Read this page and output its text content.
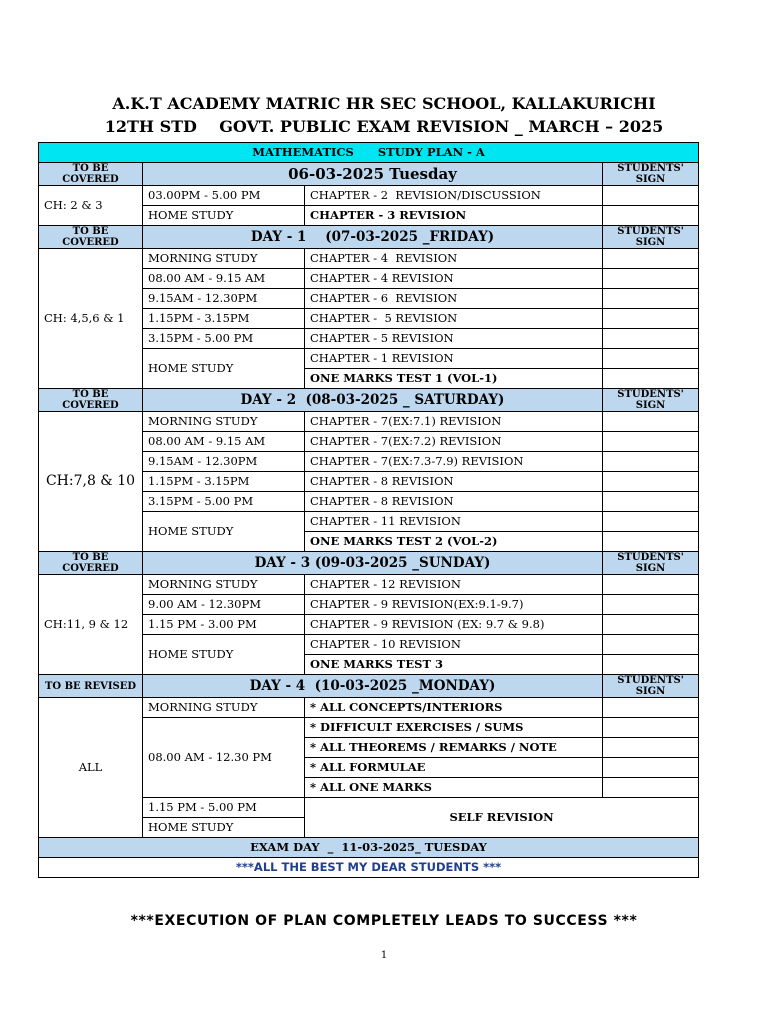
A.K.T ACADEMY MATRIC HR SEC SCHOOL, KALLAKURICHI
12TH STD    GOVT. PUBLIC EXAM REVISION _ MARCH – 2025
MATHEMATICS      STUDY PLAN - A			
TO BE COVERED	06-03-2025 Tuesday		STUDENTS' SIGN
CH: 2 & 3	03.00PM - 5.00 PM	CHAPTER - 2  REVISION/DISCUSSION	
	HOME STUDY	CHAPTER - 3 REVISION	
TO BE COVERED	DAY - 1    (07-03-2025 _FRIDAY)		STUDENTS' SIGN
CH: 4,5,6 & 1	MORNING STUDY	CHAPTER - 4  REVISION	
	08.00 AM - 9.15 AM	CHAPTER - 4 REVISION	
	9.15AM - 12.30PM	CHAPTER - 6  REVISION	
	1.15PM - 3.15PM	CHAPTER -  5 REVISION	
	3.15PM - 5.00 PM	CHAPTER - 5 REVISION	
	HOME STUDY	CHAPTER - 1 REVISION	
		ONE MARKS TEST 1 (VOL-1)	
TO BE COVERED	DAY - 2  (08-03-2025 _ SATURDAY)		STUDENTS' SIGN
CH:7,8 & 10	MORNING STUDY	CHAPTER - 7(EX:7.1) REVISION	
	08.00 AM - 9.15 AM	CHAPTER - 7(EX:7.2) REVISION	
	9.15AM - 12.30PM	CHAPTER - 7(EX:7.3-7.9) REVISION	
	1.15PM - 3.15PM	CHAPTER - 8 REVISION	
	3.15PM - 5.00 PM	CHAPTER - 8 REVISION	
	HOME STUDY	CHAPTER - 11 REVISION	
		ONE MARKS TEST 2 (VOL-2)	
TO BE COVERED	DAY - 3 (09-03-2025 _SUNDAY)		STUDENTS' SIGN
CH:11, 9 & 12	MORNING STUDY	CHAPTER - 12 REVISION	
	9.00 AM - 12.30PM	CHAPTER - 9 REVISION(EX:9.1-9.7)	
	1.15 PM - 3.00 PM	CHAPTER - 9 REVISION (EX: 9.7 & 9.8)	
	HOME STUDY	CHAPTER - 10 REVISION	
		ONE MARKS TEST 3	
TO BE REVISED	DAY - 4  (10-03-2025 _MONDAY)		STUDENTS' SIGN
ALL	MORNING STUDY	* ALL CONCEPTS/INTERIORS	
	08.00 AM - 12.30 PM	* DIFFICULT EXERCISES / SUMS	
		* ALL THEOREMS / REMARKS / NOTE	
		* ALL FORMULAE	
		* ALL ONE MARKS	
	1.15 PM - 5.00 PM	SELF REVISION	
	HOME STUDY		
EXAM DAY  _  11-03-2025_ TUESDAY			
***ALL THE BEST MY DEAR STUDENTS ***			
***EXECUTION OF PLAN COMPLETELY LEADS TO SUCCESS ***
1
